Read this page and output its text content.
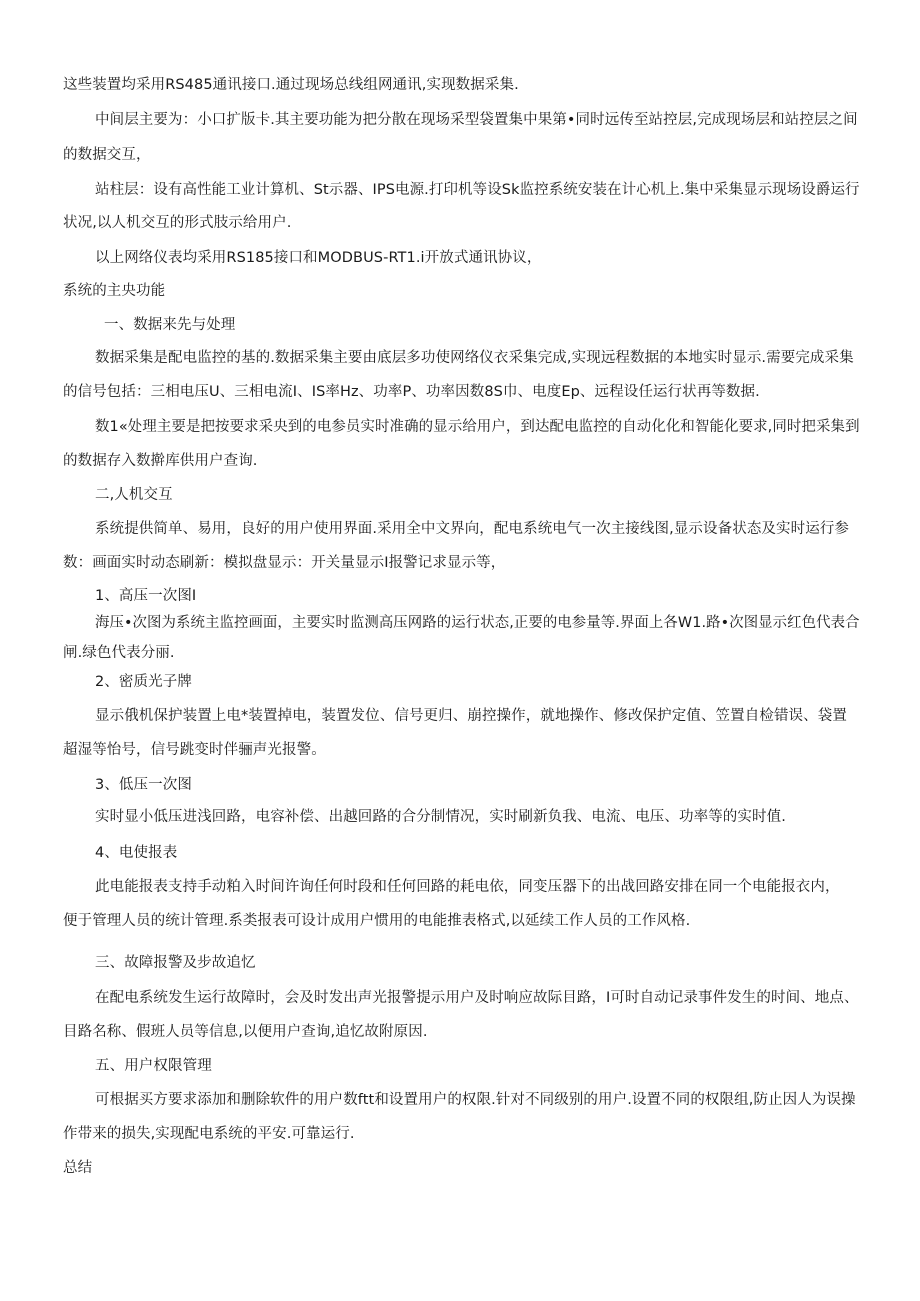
这些装置均采用RS485通讯接口.通过现场总线组网通讯,实现数据采集.
中间层主要为：小口扩版卡.其主要功能为把分散在现场采型袋置集中果第•同时远传至站控层,完成现场层和站控层之间
的数据交互，
站柱层：设有高性能工业计算机、St示器、IPS电源.打印机等设Sk监控系统安装在计心机上.集中采集显示现场设爵运行
状况,以人机交互的形式肢示给用户.
以上网络仪表均采用RS185接口和MODBUS-RT1.i开放式通讯协议，
系统的主央功能
一、数据来先与处理
数据采集是配电监控的基的.数据采集主要由底层多功使网络仪衣采集完成,实现远程数据的本地实时显示.需要完成采集
的信号包括：三相电压U、三相电流I、IS率Hz、功率P、功率因数8S巾、电度Ep、远程设任运行状再等数据.
数1«处理主要是把按要求采央到的电参员实时准确的显示给用户，到达配电监控的自动化化和智能化要求,同时把采集到
的数据存入数擀库供用户查询.
二,人机交互
系统提供简单、易用，良好的用户使用界面.采用全中文界向，配电系统电气一次主接线图,显示设备状态及实时运行参
数：画面实时动态刷新：模拟盘显示：开关量显示I报警记求显示等，
1、高压一次图I
海压•次图为系统主监控画面，主要实时监测高压网路的运行状态,正要的电参量等.界面上各W1.路•次图显示红色代表合
闸.绿色代表分丽.
2、密质光子牌
显示俄机保护装置上电*装置掉电，装置发位、信号更归、崩控操作，就地操作、修改保护定值、笠置自检错误、袋置
超湿等怡号，信号跳变时伴骊声光报警。
3、低压一次图
实时显小低压进浅回路，电容补偿、出越回路的合分制情况，实时刷新负我、电流、电压、功率等的实时值.
4、电使报表
此电能报表支持手动粕入时间许询任何时段和任何回路的耗电依，同变压器下的出战回路安排在同一个电能报衣内，
便于管理人员的统计管理.系类报表可设计成用户惯用的电能推表格式,以延续工作人员的工作风格.
三、故障报警及步故追忆
在配电系统发生运行故障时，会及时发出声光报警提示用户及时响应故际目路，I可时自动记录事件发生的时间、地点、
目路名称、假班人员等信息,以便用户查询,追忆故附原因.
五、用户权限管理
可根据买方要求添加和删除软件的用户数ftt和设置用户的权限.针对不同级别的用户.设置不同的权限组,防止因人为误操
作带来的损失,实现配电系统的平安.可靠运行.
总结
